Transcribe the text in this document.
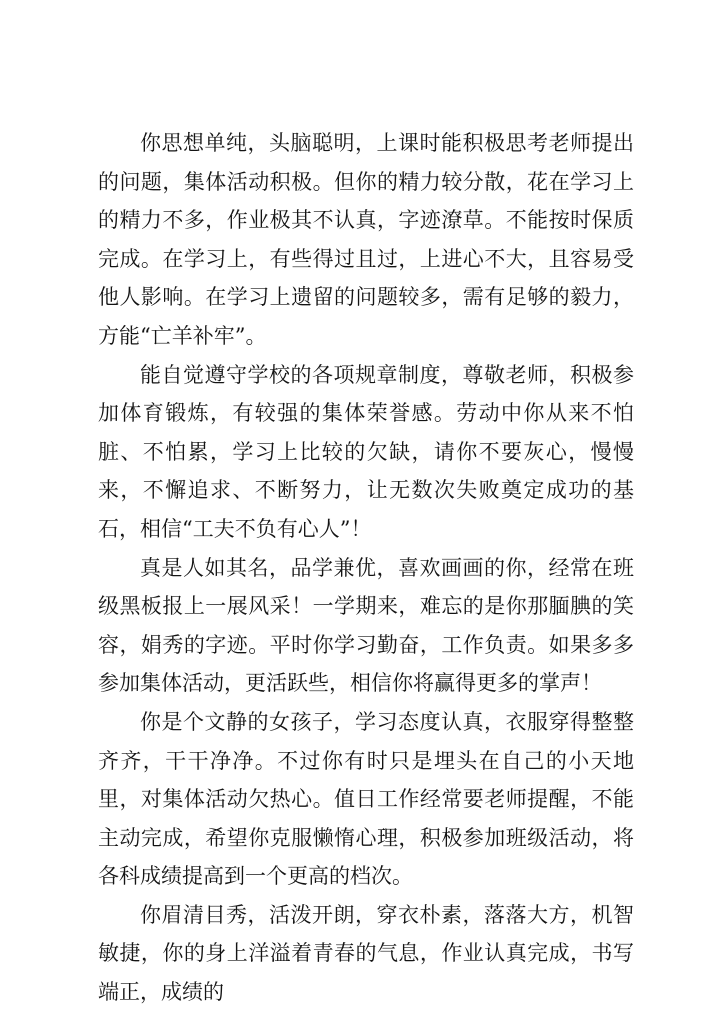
你思想单纯，头脑聪明，上课时能积极思考老师提出的问题，集体活动积极。但你的精力较分散，花在学习上的精力不多，作业极其不认真，字迹潦草。不能按时保质完成。在学习上，有些得过且过，上进心不大，且容易受他人影响。在学习上遗留的问题较多，需有足够的毅力，方能“亡羊补牢”。

能自觉遵守学校的各项规章制度，尊敬老师，积极参加体育锻炼，有较强的集体荣誉感。劳动中你从来不怕脏、不怕累，学习上比较的欠缺，请你不要灰心，慢慢来，不懈追求、不断努力，让无数次失败奠定成功的基石，相信“工夫不负有心人”！

真是人如其名，品学兼优，喜欢画画的你，经常在班级黑板报上一展风采！一学期来，难忘的是你那腼腆的笑容，娟秀的字迹。平时你学习勤奋，工作负责。如果多多参加集体活动，更活跃些，相信你将赢得更多的掌声！

你是个文静的女孩子，学习态度认真，衣服穿得整整齐齐，干干净净。不过你有时只是埋头在自己的小天地里，对集体活动欠热心。值日工作经常要老师提醒，不能主动完成，希望你克服懒惰心理，积极参加班级活动，将各科成绩提高到一个更高的档次。

你眉清目秀，活泼开朗，穿衣朴素，落落大方，机智敏捷，你的身上洋溢着青春的气息，作业认真完成，书写端正，成绩的
